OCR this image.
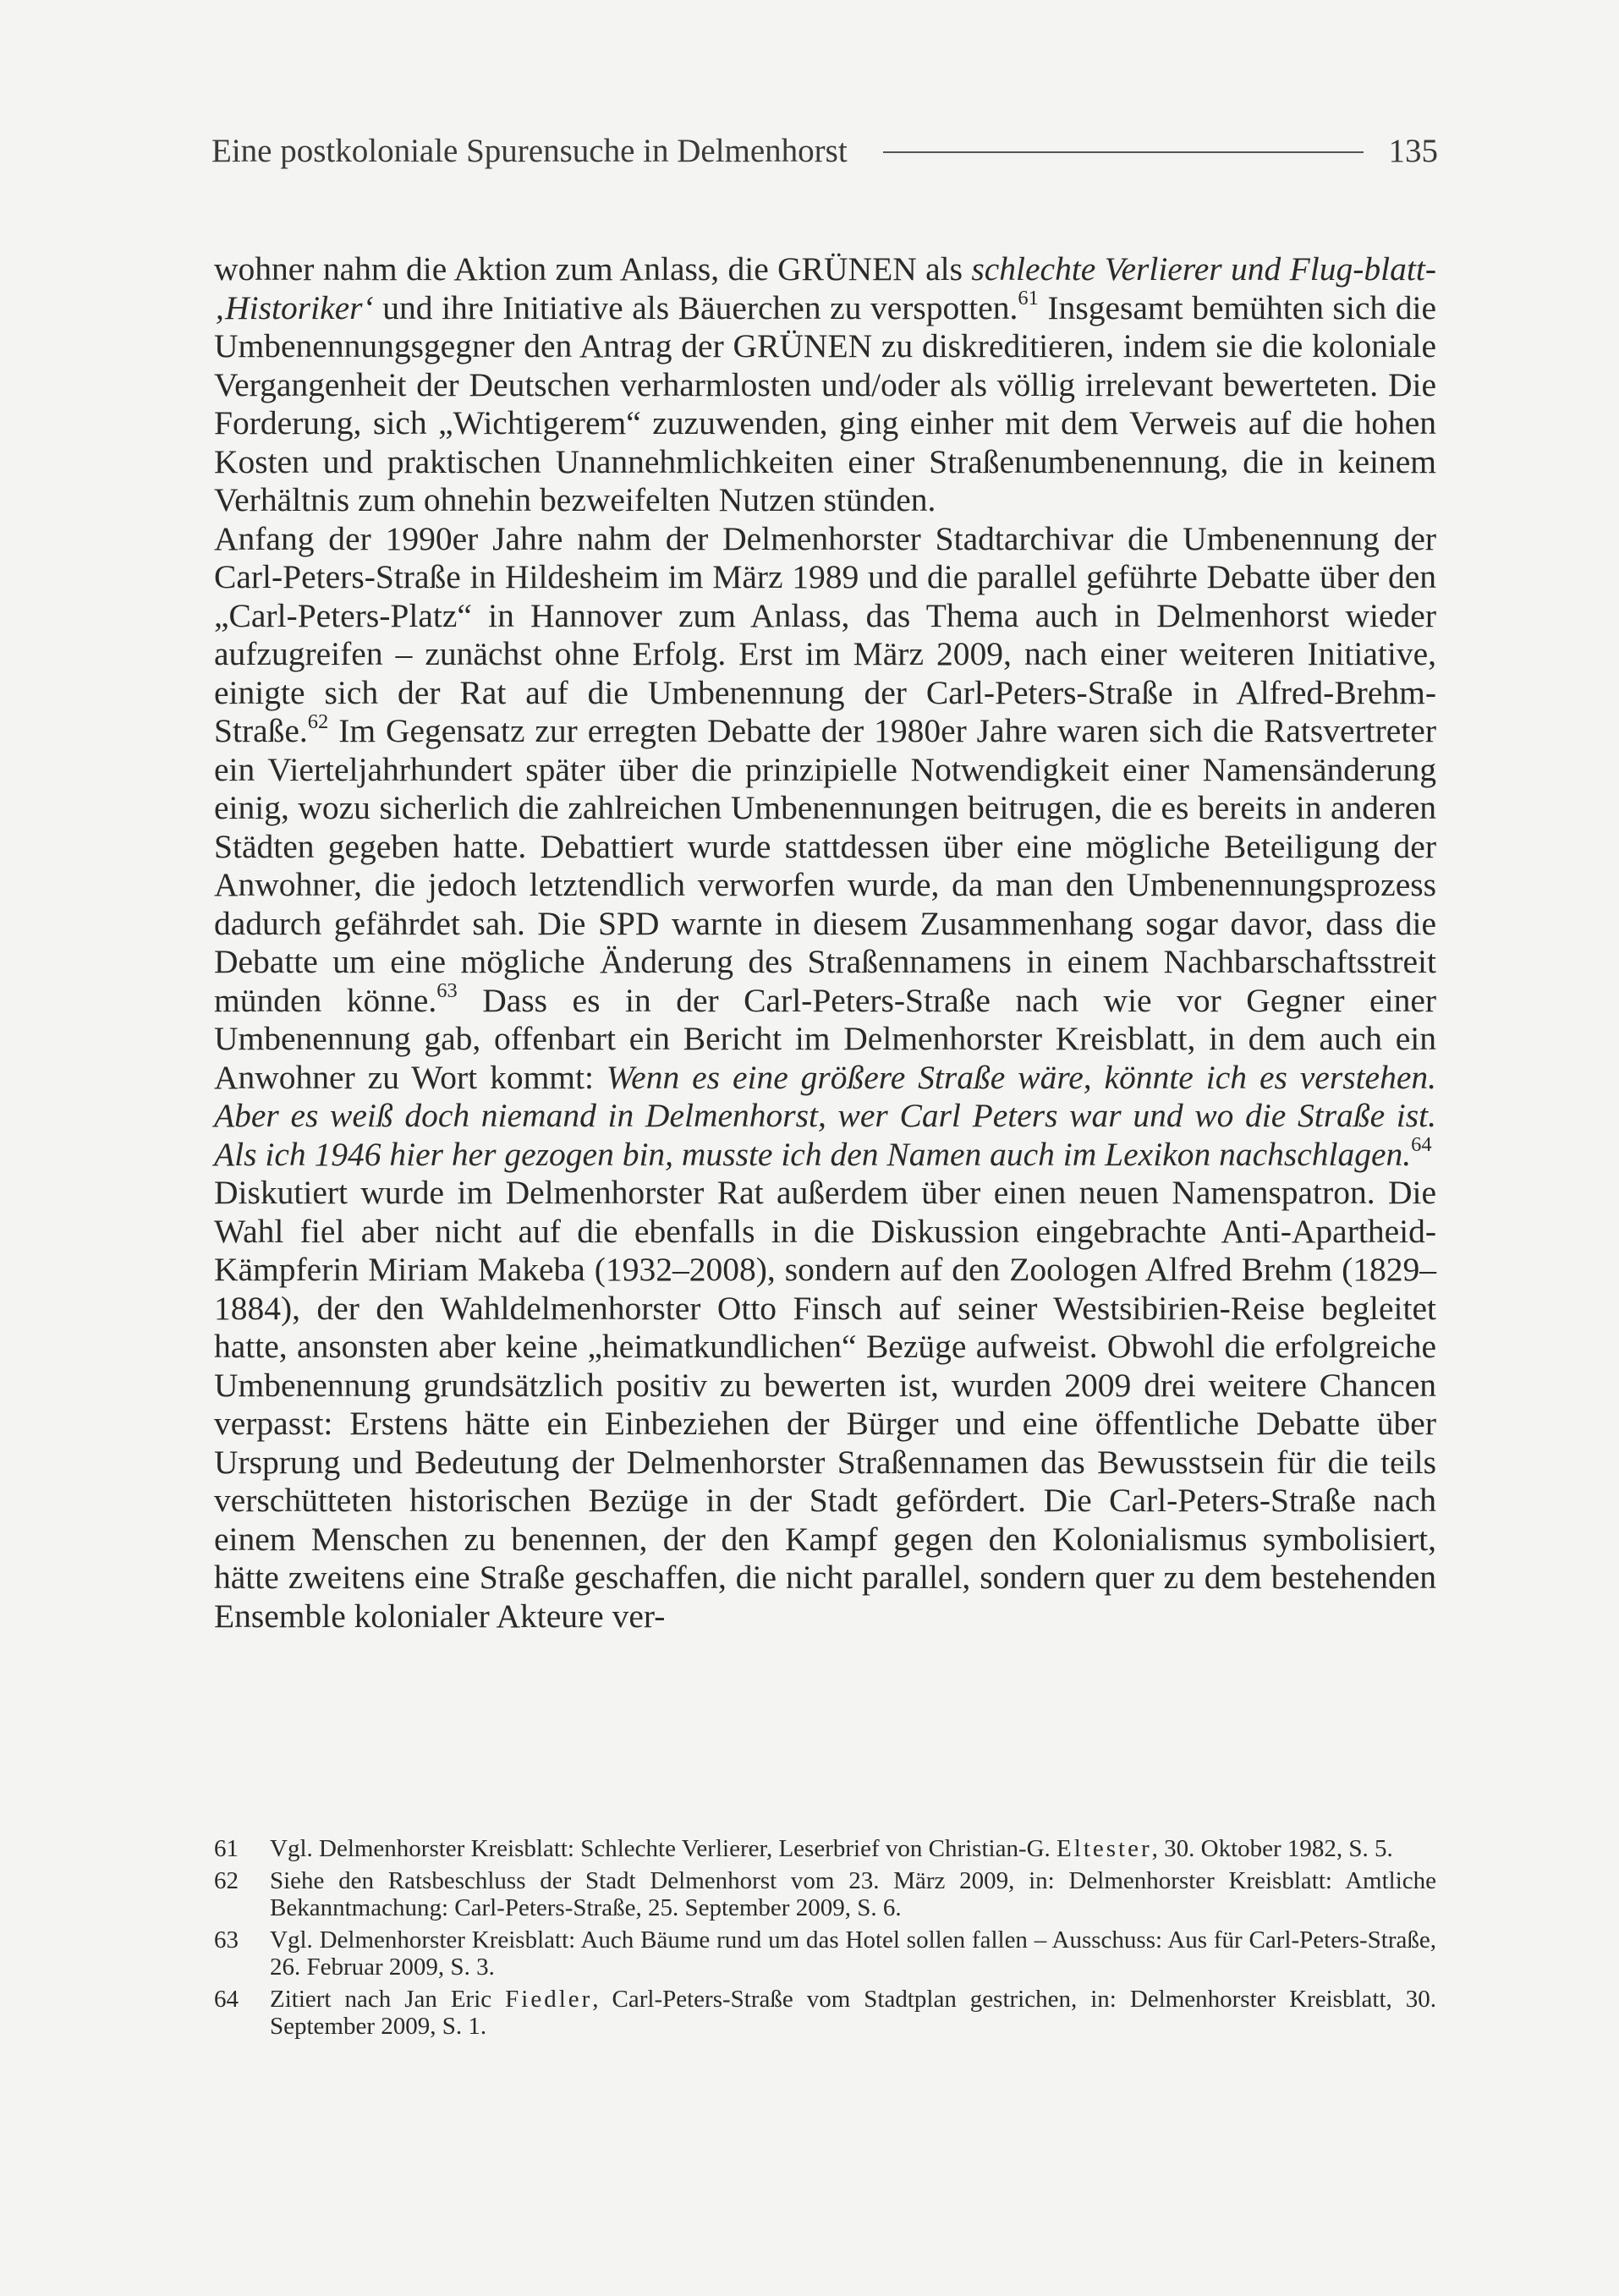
Eine postkoloniale Spurensuche in Delmenhorst	135

wohner nahm die Aktion zum Anlass, die GRÜNEN als schlechte Verlierer und Flug-blatt-‚Historiker‘ und ihre Initiative als Bäuerchen zu verspotten.$^{61}$ Insgesamt bemühten sich die Umbenennungsgegner den Antrag der GRÜNEN zu diskreditieren, indem sie die koloniale Vergangenheit der Deutschen verharmlosten und/oder als völlig irrelevant bewerteten. Die Forderung, sich „Wichtigerem“ zuzuwenden, ging einher mit dem Verweis auf die hohen Kosten und praktischen Unannehmlichkeiten einer Straßenumbenennung, die in keinem Verhältnis zum ohnehin bezweifelten Nutzen stünden.

Anfang der 1990er Jahre nahm der Delmenhorster Stadtarchivar die Umbenennung der Carl-Peters-Straße in Hildesheim im März 1989 und die parallel geführte Debatte über den „Carl-Peters-Platz“ in Hannover zum Anlass, das Thema auch in Delmenhorst wieder aufzugreifen – zunächst ohne Erfolg. Erst im März 2009, nach einer weiteren Initiative, einigte sich der Rat auf die Umbenennung der Carl-Peters-Straße in Alfred-Brehm-Straße.$^{62}$ Im Gegensatz zur erregten Debatte der 1980er Jahre waren sich die Ratsvertreter ein Vierteljahrhundert später über die prinzipielle Notwendigkeit einer Namensänderung einig, wozu sicherlich die zahlreichen Umbenennungen beitrugen, die es bereits in anderen Städten gegeben hatte. Debattiert wurde stattdessen über eine mögliche Beteiligung der Anwohner, die jedoch letztendlich verworfen wurde, da man den Umbenennungsprozess dadurch gefährdet sah. Die SPD warnte in diesem Zusammenhang sogar davor, dass die Debatte um eine mögliche Änderung des Straßennamens in einem Nachbarschaftsstreit münden könne.$^{63}$ Dass es in der Carl-Peters-Straße nach wie vor Gegner einer Umbenennung gab, offenbart ein Bericht im Delmenhorster Kreisblatt, in dem auch ein Anwohner zu Wort kommt: Wenn es eine größere Straße wäre, könnte ich es verstehen. Aber es weiß doch niemand in Delmenhorst, wer Carl Peters war und wo die Straße ist. Als ich 1946 hier her gezogen bin, musste ich den Namen auch im Lexikon nachschlagen.$^{64}$

Diskutiert wurde im Delmenhorster Rat außerdem über einen neuen Namenspatron. Die Wahl fiel aber nicht auf die ebenfalls in die Diskussion eingebrachte Anti-Apartheid-Kämpferin Miriam Makeba (1932–2008), sondern auf den Zoologen Alfred Brehm (1829–1884), der den Wahldelmenhorster Otto Finsch auf seiner Westsibirien-Reise begleitet hatte, ansonsten aber keine „heimatkundlichen“ Bezüge aufweist. Obwohl die erfolgreiche Umbenennung grundsätzlich positiv zu bewerten ist, wurden 2009 drei weitere Chancen verpasst: Erstens hätte ein Einbeziehen der Bürger und eine öffentliche Debatte über Ursprung und Bedeutung der Delmenhorster Straßennamen das Bewusstsein für die teils verschütteten historischen Bezüge in der Stadt gefördert. Die Carl-Peters-Straße nach einem Menschen zu benennen, der den Kampf gegen den Kolonialismus symbolisiert, hätte zweitens eine Straße geschaffen, die nicht parallel, sondern quer zu dem bestehenden Ensemble kolonialer Akteure ver-

61	Vgl. Delmenhorster Kreisblatt: Schlechte Verlierer, Leserbrief von Christian-G. Eltester, 30. Oktober 1982, S. 5.
62	Siehe den Ratsbeschluss der Stadt Delmenhorst vom 23. März 2009, in: Delmenhorster Kreisblatt: Amtliche Bekanntmachung: Carl-Peters-Straße, 25. September 2009, S. 6.
63	Vgl. Delmenhorster Kreisblatt: Auch Bäume rund um das Hotel sollen fallen – Ausschuss: Aus für Carl-Peters-Straße, 26. Februar 2009, S. 3.
64	Zitiert nach Jan Eric Fiedler, Carl-Peters-Straße vom Stadtplan gestrichen, in: Delmenhorster Kreisblatt, 30. September 2009, S. 1.
